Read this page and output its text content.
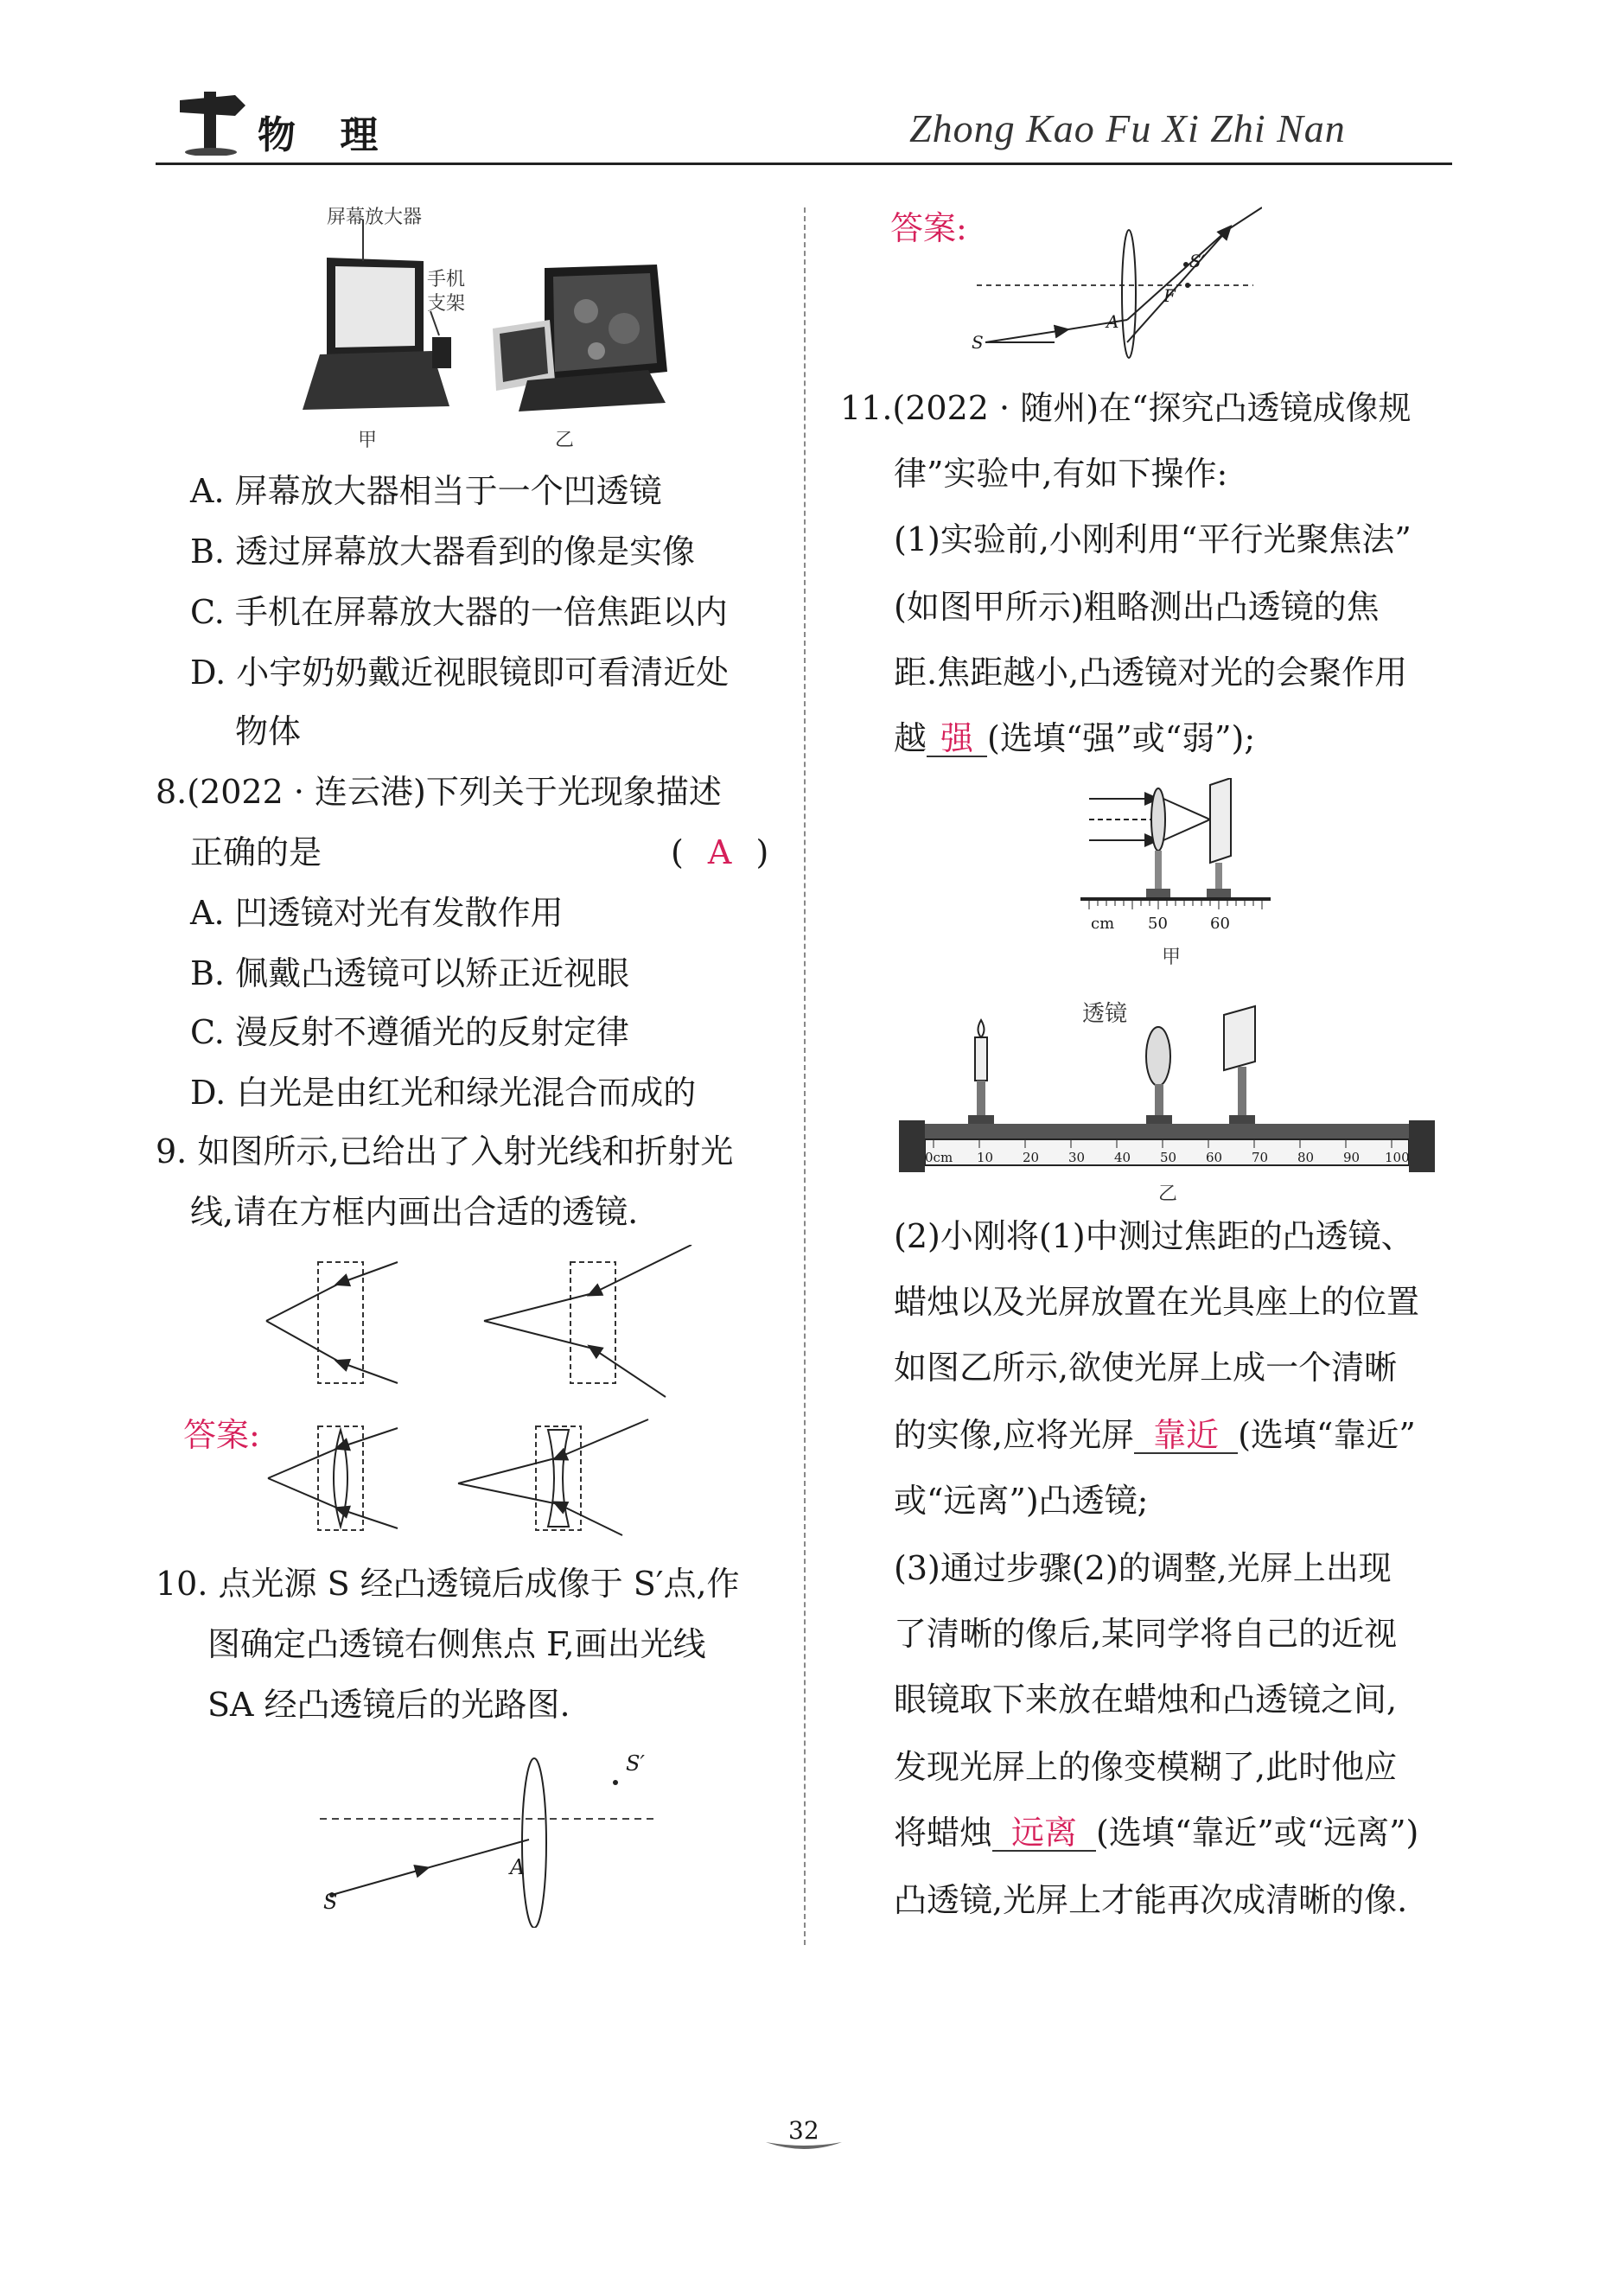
物 理	Zhong Kao Fu Xi Zhi Nan
屏幕放大器
手机
支架
甲	乙
A. 屏幕放大器相当于一个凹透镜
B. 透过屏幕放大器看到的像是实像
C. 手机在屏幕放大器的一倍焦距以内
D. 小宇奶奶戴近视眼镜即可看清近处
物体
8.(2022 · 连云港)下列关于光现象描述
正确的是	( A )
A. 凹透镜对光有发散作用
B. 佩戴凸透镜可以矫正近视眼
C. 漫反射不遵循光的反射定律
D. 白光是由红光和绿光混合而成的
9. 如图所示,已给出了入射光线和折射光
线,请在方框内画出合适的透镜.
答案:
10. 点光源 S 经凸透镜后成像于 S′点,作
图确定凸透镜右侧焦点 F,画出光线
SA 经凸透镜后的光路图.
S
A
S′
答案:
S
A
F
S′
11.(2022 · 随州)在“探究凸透镜成像规
律”实验中,有如下操作:
(1)实验前,小刚利用“平行光聚焦法”
(如图甲所示)粗略测出凸透镜的焦
距.焦距越小,凸透镜对光的会聚作用
越 强 (选填“强”或“弱”);
cm 50	60
甲
透镜
0cm 10 20 30 40 50 60 70 80 90 100
乙
(2)小刚将(1)中测过焦距的凸透镜、
蜡烛以及光屏放置在光具座上的位置
如图乙所示,欲使光屏上成一个清晰
的实像,应将光屏 靠近 (选填“靠近”
或“远离”)凸透镜;
(3)通过步骤(2)的调整,光屏上出现
了清晰的像后,某同学将自己的近视
眼镜取下来放在蜡烛和凸透镜之间,
发现光屏上的像变模糊了,此时他应
将蜡烛 远离 (选填“靠近”或“远离”)
凸透镜,光屏上才能再次成清晰的像.
32
